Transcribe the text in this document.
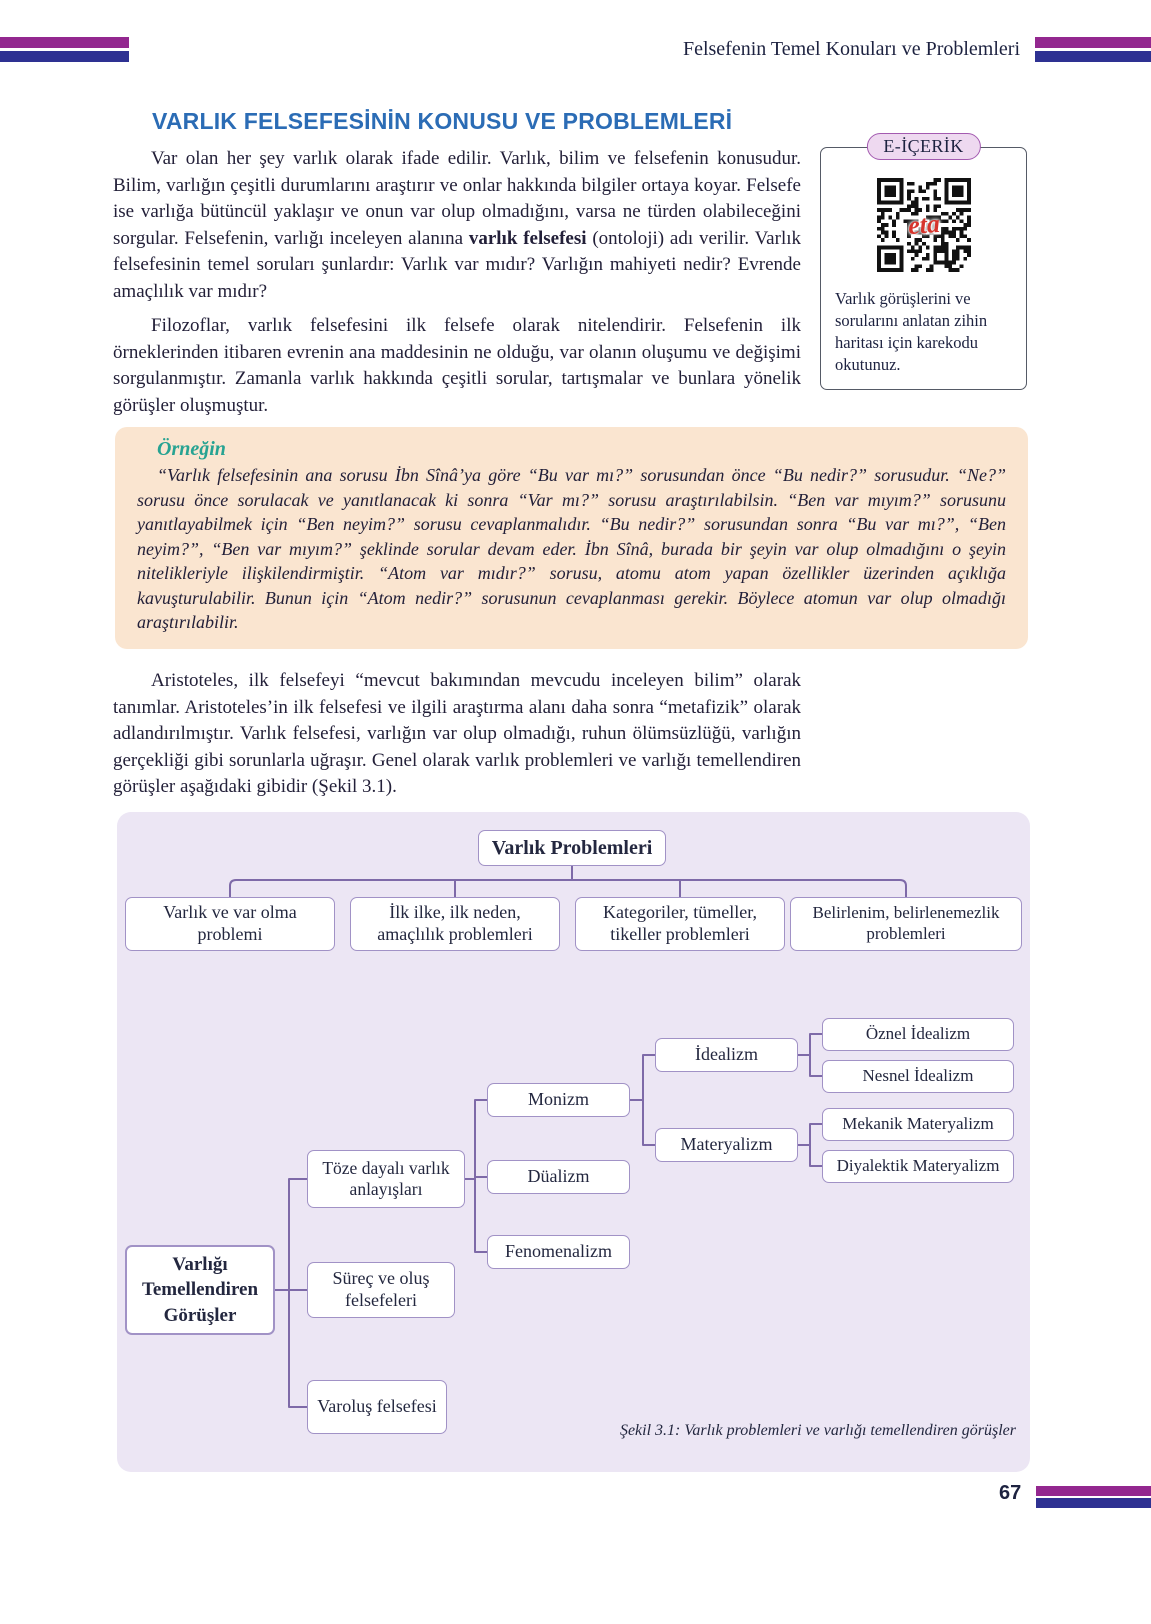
Felsefenin Temel Konuları ve Problemleri
VARLIK FELSEFESİNİN KONUSU VE PROBLEMLERİ

Var olan her şey varlık olarak ifade edilir. Varlık, bilim ve felsefenin konusudur. Bilim, varlığın çeşitli durumlarını araştırır ve onlar hakkında bilgiler ortaya koyar. Felsefe ise varlığa bütüncül yaklaşır ve onun var olup olmadığını, varsa ne türden olabileceğini sorgular. Felsefenin, varlığı inceleyen alanına varlık felsefesi (ontoloji) adı verilir. Varlık felsefesinin temel soruları şunlardır: Varlık var mıdır? Varlığın mahiyeti nedir? Evrende amaçlılık var mıdır?

Filozoflar, varlık felsefesini ilk felsefe olarak nitelendirir. Felsefenin ilk örneklerinden itibaren evrenin ana maddesinin ne olduğu, var olanın oluşumu ve değişimi sorgulanmıştır. Zamanla varlık hakkında çeşitli sorular, tartışmalar ve bunlara yönelik görüşler oluşmuştur.

E-İÇERİK
eta

Varlık görüşlerini ve sorularını anlatan zihin haritası için karekodu okutunuz.

Örneğin

“Varlık felsefesinin ana sorusu İbn Sînâ’ya göre “Bu var mı?” sorusundan önce “Bu nedir?” sorusudur. “Ne?” sorusu önce sorulacak ve yanıtlanacak ki sonra “Var mı?” sorusu araştırılabilsin. “Ben var mıyım?” sorusunu yanıtlayabilmek için “Ben neyim?” sorusu cevaplanmalıdır. “Bu nedir?” sorusundan sonra “Bu var mı?”, “Ben neyim?”, “Ben var mıyım?” şeklinde sorular devam eder. İbn Sînâ, burada bir şeyin var olup olmadığını o şeyin nitelikleriyle ilişkilendirmiştir. “Atom var mıdır?” sorusu, atomu atom yapan özellikler üzerinden açıklığa kavuşturulabilir. Bunun için “Atom nedir?” sorusunun cevaplanması gerekir. Böylece atomun var olup olmadığı araştırılabilir.

Aristoteles, ilk felsefeyi “mevcut bakımından mevcudu inceleyen bilim” olarak tanımlar. Aristoteles’in ilk felsefesi ve ilgili araştırma alanı daha sonra “metafizik” olarak adlandırılmıştır. Varlık felsefesi, varlığın var olup olmadığı, ruhun ölümsüzlüğü, varlığın gerçekliği gibi sorunlarla uğraşır. Genel olarak varlık problemleri ve varlığı temellendiren görüşler aşağıdaki gibidir (Şekil 3.1).

Varlık Problemleri
Varlık ve var olma problemi
İlk ilke, ilk neden, amaçlılık problemleri
Kategoriler, tümeller, tikeller problemleri
Belirlenim, belirlenemezlik problemleri
Varlığı Temellendiren Görüşler
Töze dayalı varlık anlayışları
Süreç ve oluş felsefeleri
Varoluş felsefesi
Monizm
Düalizm
Fenomenalizm
İdealizm
Materyalizm
Öznel İdealizm
Nesnel İdealizm
Mekanik Materyalizm
Diyalektik Materyalizm
Şekil 3.1: Varlık problemleri ve varlığı temellendiren görüşler
67
